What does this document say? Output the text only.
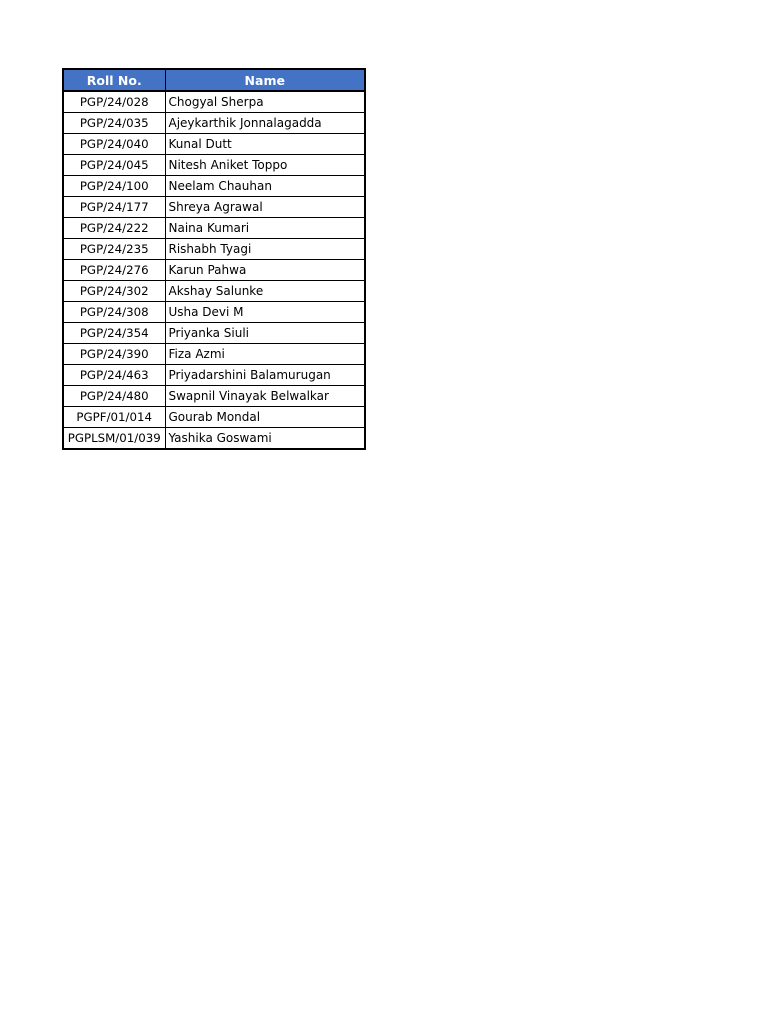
Roll No.	Name
PGP/24/028	Chogyal Sherpa
PGP/24/035	Ajeykarthik Jonnalagadda
PGP/24/040	Kunal Dutt
PGP/24/045	Nitesh Aniket Toppo
PGP/24/100	Neelam Chauhan
PGP/24/177	Shreya Agrawal
PGP/24/222	Naina Kumari
PGP/24/235	Rishabh Tyagi
PGP/24/276	Karun Pahwa
PGP/24/302	Akshay Salunke
PGP/24/308	Usha Devi M
PGP/24/354	Priyanka Siuli
PGP/24/390	Fiza Azmi
PGP/24/463	Priyadarshini Balamurugan
PGP/24/480	Swapnil Vinayak Belwalkar
PGPF/01/014	Gourab Mondal
PGPLSM/01/039	Yashika Goswami
